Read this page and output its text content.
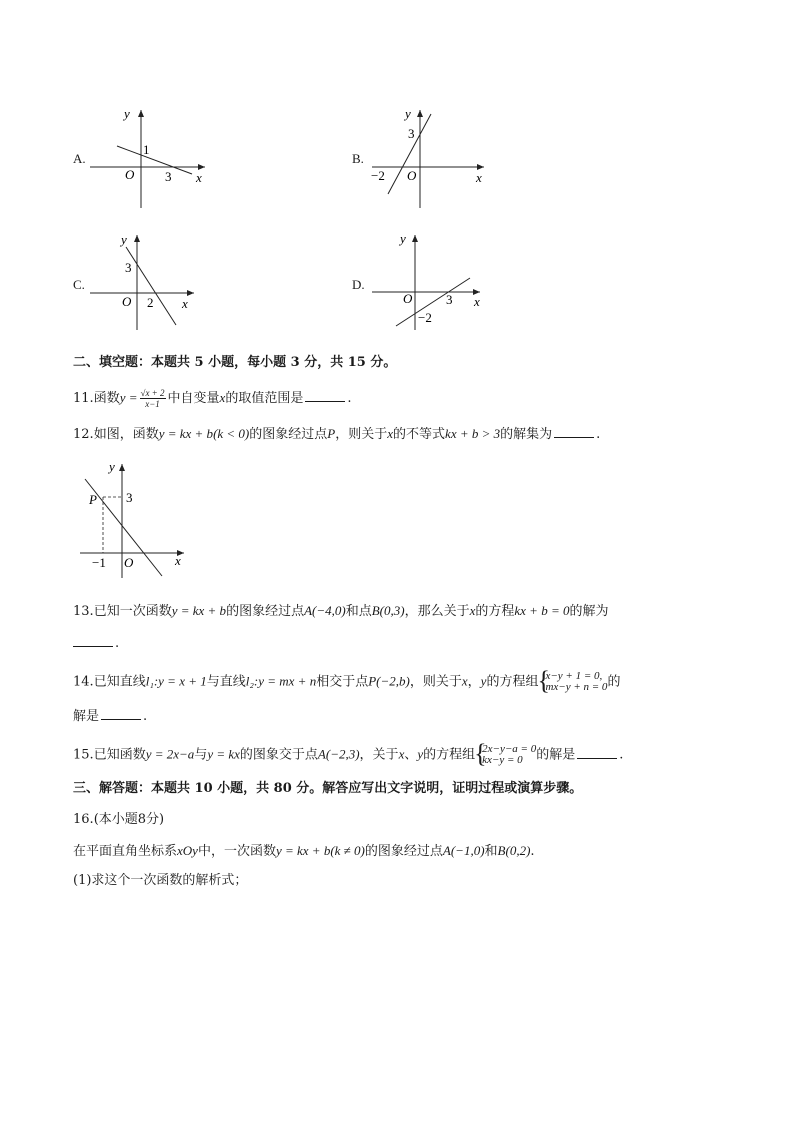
A.
y
x
O
1
3
B.
y
x
O
3
−2
C.
y
x
O
3
2
D.
y
x
O	3
−2
二、填空题：本题共 5 小题，每小题 3 分，共 15 分。
11.函数$y = \frac{√x + 2}{x-1}$ 中自变量x的取值范围是	.
12.如图，函数y = kx + b(k < 0)的图象经过点P，则关于x的不等式kx + b > 3的解集为	.
y
x
O
P 3
−1
13.已知一次函数y = kx + b的图象经过点A(−4,0)和点B(0,3)，那么关于x的方程kx + b = 0的解为
.
14.已知直线l₁:y = x + 1与直线l₂:y = mx + n相交于点P(−2,b)，则关于x，y的方程组 { x−y + 1 = 0,
mx−y + n = 0 的
解是	.
15.已知函数y = 2x−a与y = kx的图象交于点A(−2,3)，关于x、y的方程组 { 2x−y−a = 0
kx−y = 0	的解是	.
三、解答题：本题共 10 小题，共 80 分。解答应写出文字说明，证明过程或演算步骤。
16.(本小题8分)
在平面直角坐标系xOy中，一次函数y = kx + b(k ≠ 0)的图象经过点A(−1,0)和B(0,2).
(1)求这个一次函数的解析式；
